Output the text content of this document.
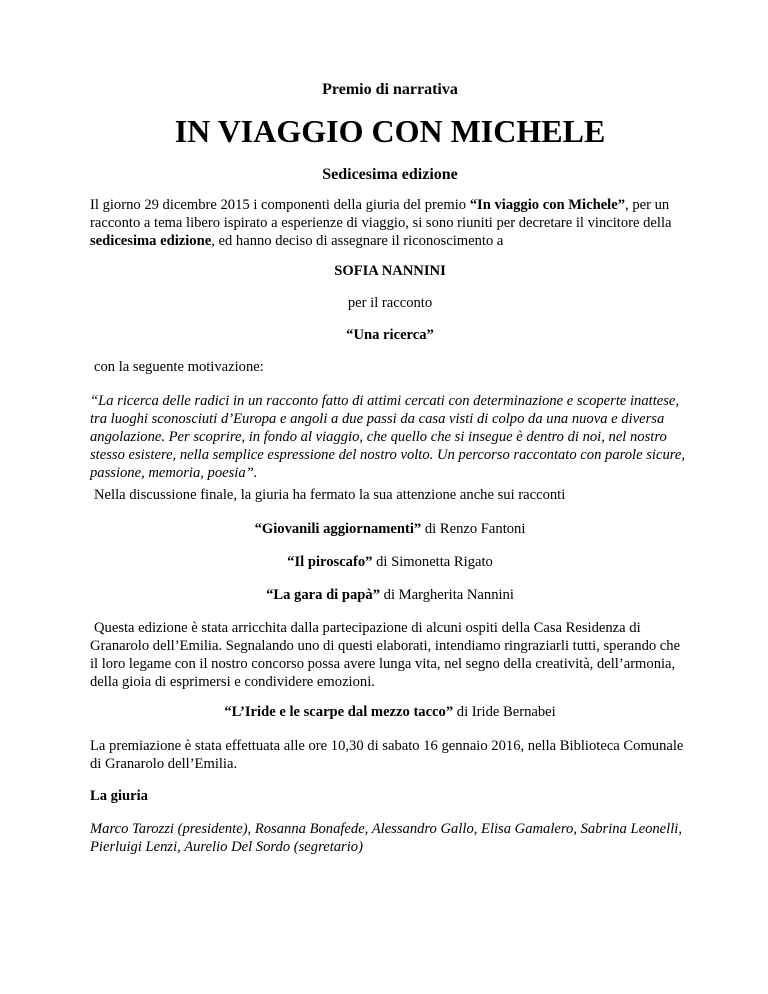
Premio di narrativa
IN VIAGGIO CON MICHELE
Sedicesima edizione
Il giorno 29 dicembre 2015 i componenti della giuria del premio “In viaggio con Michele”, per un racconto a tema libero ispirato a esperienze di viaggio, si sono riuniti per decretare il vincitore della sedicesima edizione, ed hanno deciso di assegnare il riconoscimento a
SOFIA NANNINI
per il racconto
“Una ricerca”
con la seguente motivazione:
“La ricerca delle radici in un racconto fatto di attimi cercati con determinazione e scoperte inattese, tra luoghi sconosciuti d’Europa e angoli a due passi da casa visti di colpo da una nuova e diversa angolazione. Per scoprire, in fondo al viaggio, che quello che si insegue è dentro di noi, nel nostro stesso esistere, nella semplice espressione del nostro volto. Un percorso raccontato con parole sicure, passione, memoria, poesia”.
Nella discussione finale, la giuria ha fermato la sua attenzione anche sui racconti
“Giovanili aggiornamenti” di Renzo Fantoni
“Il piroscafo” di Simonetta Rigato
“La gara di papà” di Margherita Nannini
Questa edizione è stata arricchita dalla partecipazione di alcuni ospiti della Casa Residenza di Granarolo dell’Emilia. Segnalando uno di questi elaborati, intendiamo ringraziarli tutti, sperando che il loro legame con il nostro concorso possa avere lunga vita, nel segno della creatività, dell’armonia, della gioia di esprimersi e condividere emozioni.
“L’Iride e le scarpe dal mezzo tacco” di Iride Bernabei
La premiazione è stata effettuata alle ore 10,30 di sabato 16 gennaio 2016, nella Biblioteca Comunale di Granarolo dell’Emilia.
La giuria
Marco Tarozzi (presidente), Rosanna Bonafede, Alessandro Gallo, Elisa Gamalero, Sabrina Leonelli, Pierluigi Lenzi, Aurelio Del Sordo (segretario)
